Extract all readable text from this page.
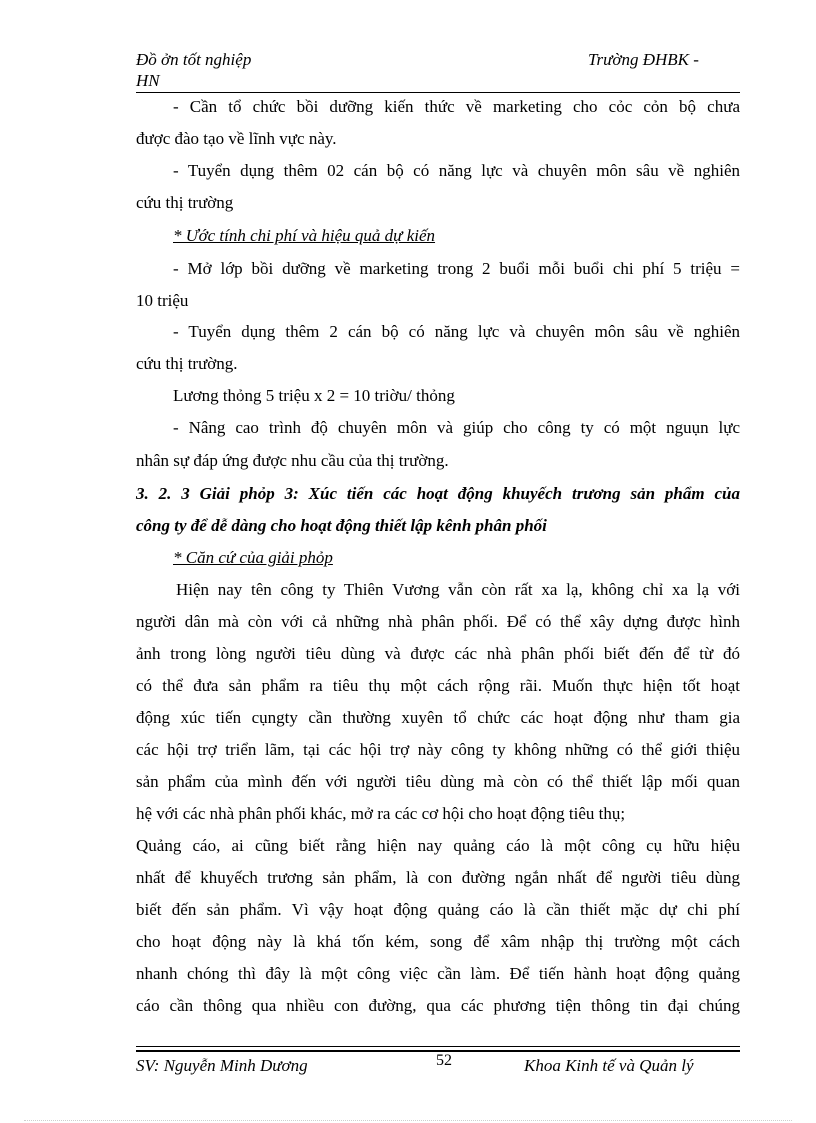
Đồ ởn tốt nghiệp	Trường ĐHBK -
HN
- Cần tổ chức bồi dưỡng kiến thức về marketing cho cỏc cỏn bộ chưa
được đào tạo về lĩnh vực này.
- Tuyển dụng thêm 02 cán bộ có năng lực và chuyên môn sâu về nghiên
cứu thị trường
* Ước tính chi phí và hiệu quả dự kiến
- Mở lớp bồi dưỡng về marketing trong 2 buổi mỗi buổi chi phí 5 triệu =
10 triệu
- Tuyển dụng thêm 2 cán bộ có năng lực và chuyên môn sâu về nghiên
cứu thị trường.
Lương thỏng 5 triệu x 2 = 10 triờu/ thỏng
- Nâng cao trình độ chuyên môn và giúp cho công ty có một nguụn lực
nhân sự đáp ứng được nhu cầu của thị trường.
3. 2. 3 Giải phỏp 3: Xúc tiến các hoạt động khuyếch trương sản phẩm của
công ty để dễ dàng cho hoạt động thiết lập kênh phân phối
* Căn cứ của giải phỏp
Hiện nay tên công ty Thiên Vương vẫn còn rất xa lạ, không chỉ xa lạ với
người dân mà còn với cả những nhà phân phối. Để có thể xây dựng được hình
ảnh trong lòng người tiêu dùng và được các nhà phân phối biết đến để từ đó
có thể đưa sản phẩm ra tiêu thụ một cách rộng rãi. Muốn thực hiện tốt hoạt
động xúc tiến cụngty cần thường xuyên tổ chức các hoạt động như tham gia
các hội trợ triển lãm, tại các hội trợ này công ty không những có thể giới thiệu
sản phẩm của mình đến với người tiêu dùng mà còn có thể thiết lập mối quan
hệ với các nhà phân phối khác, mở ra các cơ hội cho hoạt động tiêu thụ;
Quảng cáo, ai cũng biết rằng hiện nay quảng cáo là một công cụ hữu hiệu
nhất để khuyếch trương sản phẩm, là con đường ngắn nhất để người tiêu dùng
biết đến sản phẩm. Vì vậy hoạt động quảng cáo là cần thiết mặc dự chi phí
cho hoạt động này là khá tốn kém, song để xâm nhập thị trường một cách
nhanh chóng thì đây là một công việc cần làm. Để tiến hành hoạt động quảng
cáo cần thông qua nhiều con đường, qua các phương tiện thông tin đại chúng
SV: Nguyễn Minh Dương	52	Khoa Kinh tế và Quản lý
